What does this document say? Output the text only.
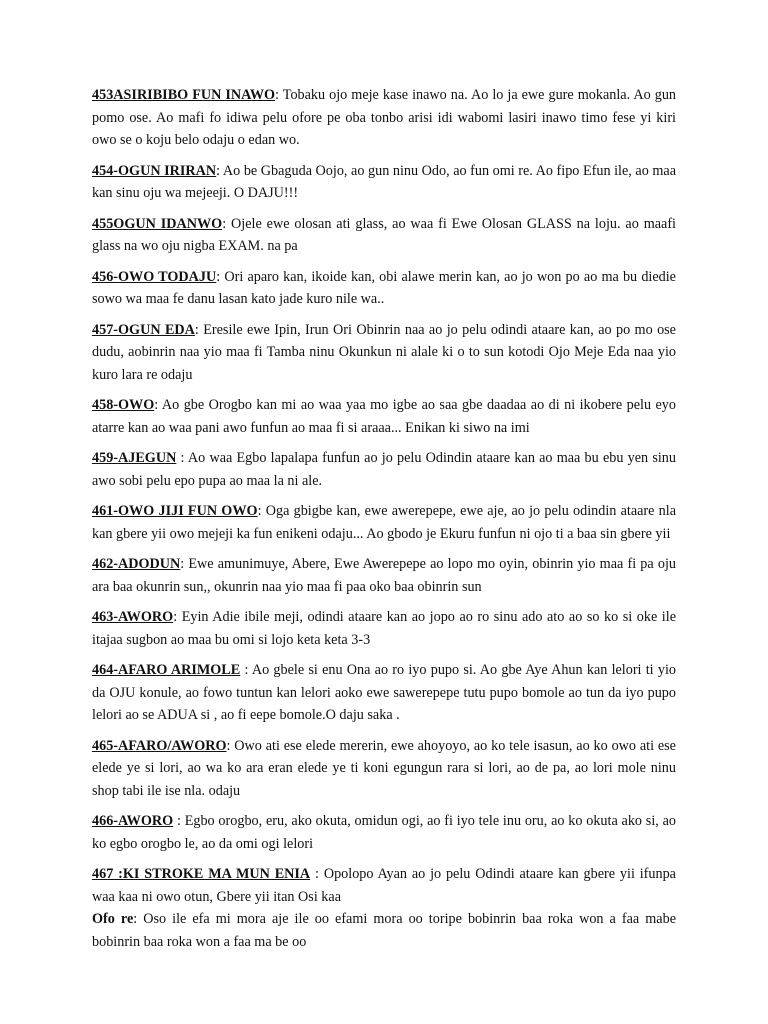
453ASIRIBIBO FUN INAWO: Tobaku ojo meje kase inawo na. Ao lo ja ewe gure mokanla. Ao gun pomo ose. Ao mafi fo idiwa pelu ofore pe oba tonbo arisi idi wabomi lasiri inawo timo fese yi kiri owo se o koju belo odaju o edan wo.

454-OGUN IRIRAN: Ao be Gbaguda Oojo, ao gun ninu Odo, ao fun omi re. Ao fipo Efun ile, ao maa kan sinu oju wa mejeeji. O DAJU!!!

455OGUN IDANWO: Ojele ewe olosan ati glass, ao waa fi Ewe Olosan GLASS na loju. ao maafi glass na wo oju nigba EXAM. na pa

456-OWO TODAJU: Ori aparo kan, ikoide kan, obi alawe merin kan, ao jo won po ao ma bu diedie sowo wa maa fe danu lasan kato jade kuro nile wa..

457-OGUN EDA: Eresile ewe Ipin, Irun Ori Obinrin naa ao jo pelu odindi ataare kan, ao po mo ose dudu, aobinrin naa yio maa fi Tamba ninu Okunkun ni alale ki o to sun kotodi Ojo Meje Eda naa yio kuro lara re odaju

458-OWO: Ao gbe Orogbo kan mi ao waa yaa mo igbe ao saa gbe daadaa ao di ni ikobere pelu eyo atarre kan ao waa pani awo funfun ao maa fi si araaa... Enikan ki siwo na imi

459-AJEGUN : Ao waa Egbo lapalapa funfun ao jo pelu Odindin ataare kan ao maa bu ebu yen sinu awo sobi pelu epo pupa ao maa la ni ale.

461-OWO JIJI FUN OWO: Oga gbigbe kan, ewe awerepepe, ewe aje, ao jo pelu odindin ataare nla kan gbere yii owo mejeji ka fun enikeni odaju... Ao gbodo je Ekuru funfun ni ojo ti a baa sin gbere yii

462-ADODUN: Ewe amunimuye, Abere, Ewe Awerepepe ao lopo mo oyin, obinrin yio maa fi pa oju ara baa okunrin sun,, okunrin naa yio maa fi paa oko baa obinrin sun

463-AWORO: Eyin Adie ibile meji, odindi ataare kan ao jopo ao ro sinu ado ato ao so ko si oke ile itajaa sugbon ao maa bu omi si lojo keta keta 3-3

464-AFARO ARIMOLE : Ao gbele si enu Ona ao ro iyo pupo si. Ao gbe Aye Ahun kan lelori ti yio da OJU konule, ao fowo tuntun kan lelori aoko ewe sawerepepe tutu pupo bomole ao tun da iyo pupo lelori ao se ADUA si , ao fi eepe bomole.O daju saka .

465-AFARO/AWORO: Owo ati ese elede mererin, ewe ahoyoyo, ao ko tele isasun, ao ko owo ati ese elede ye si lori, ao wa ko ara eran elede ye ti koni egungun rara si lori, ao de pa, ao lori mole ninu shop tabi ile ise nla. odaju

466-AWORO : Egbo orogbo, eru, ako okuta, omidun ogi, ao fi iyo tele inu oru, ao ko okuta ako si, ao ko egbo orogbo le, ao da omi ogi lelori

467 :KI STROKE MA MUN ENIA : Opolopo Ayan ao jo pelu Odindi ataare kan gbere yii ifunpa waa kaa ni owo otun, Gbere yii itan Osi kaa
Ofo re: Oso ile efa mi mora aje ile oo efami mora oo toripe bobinrin baa roka won a faa mabe bobinrin baa roka won a faa ma be oo
